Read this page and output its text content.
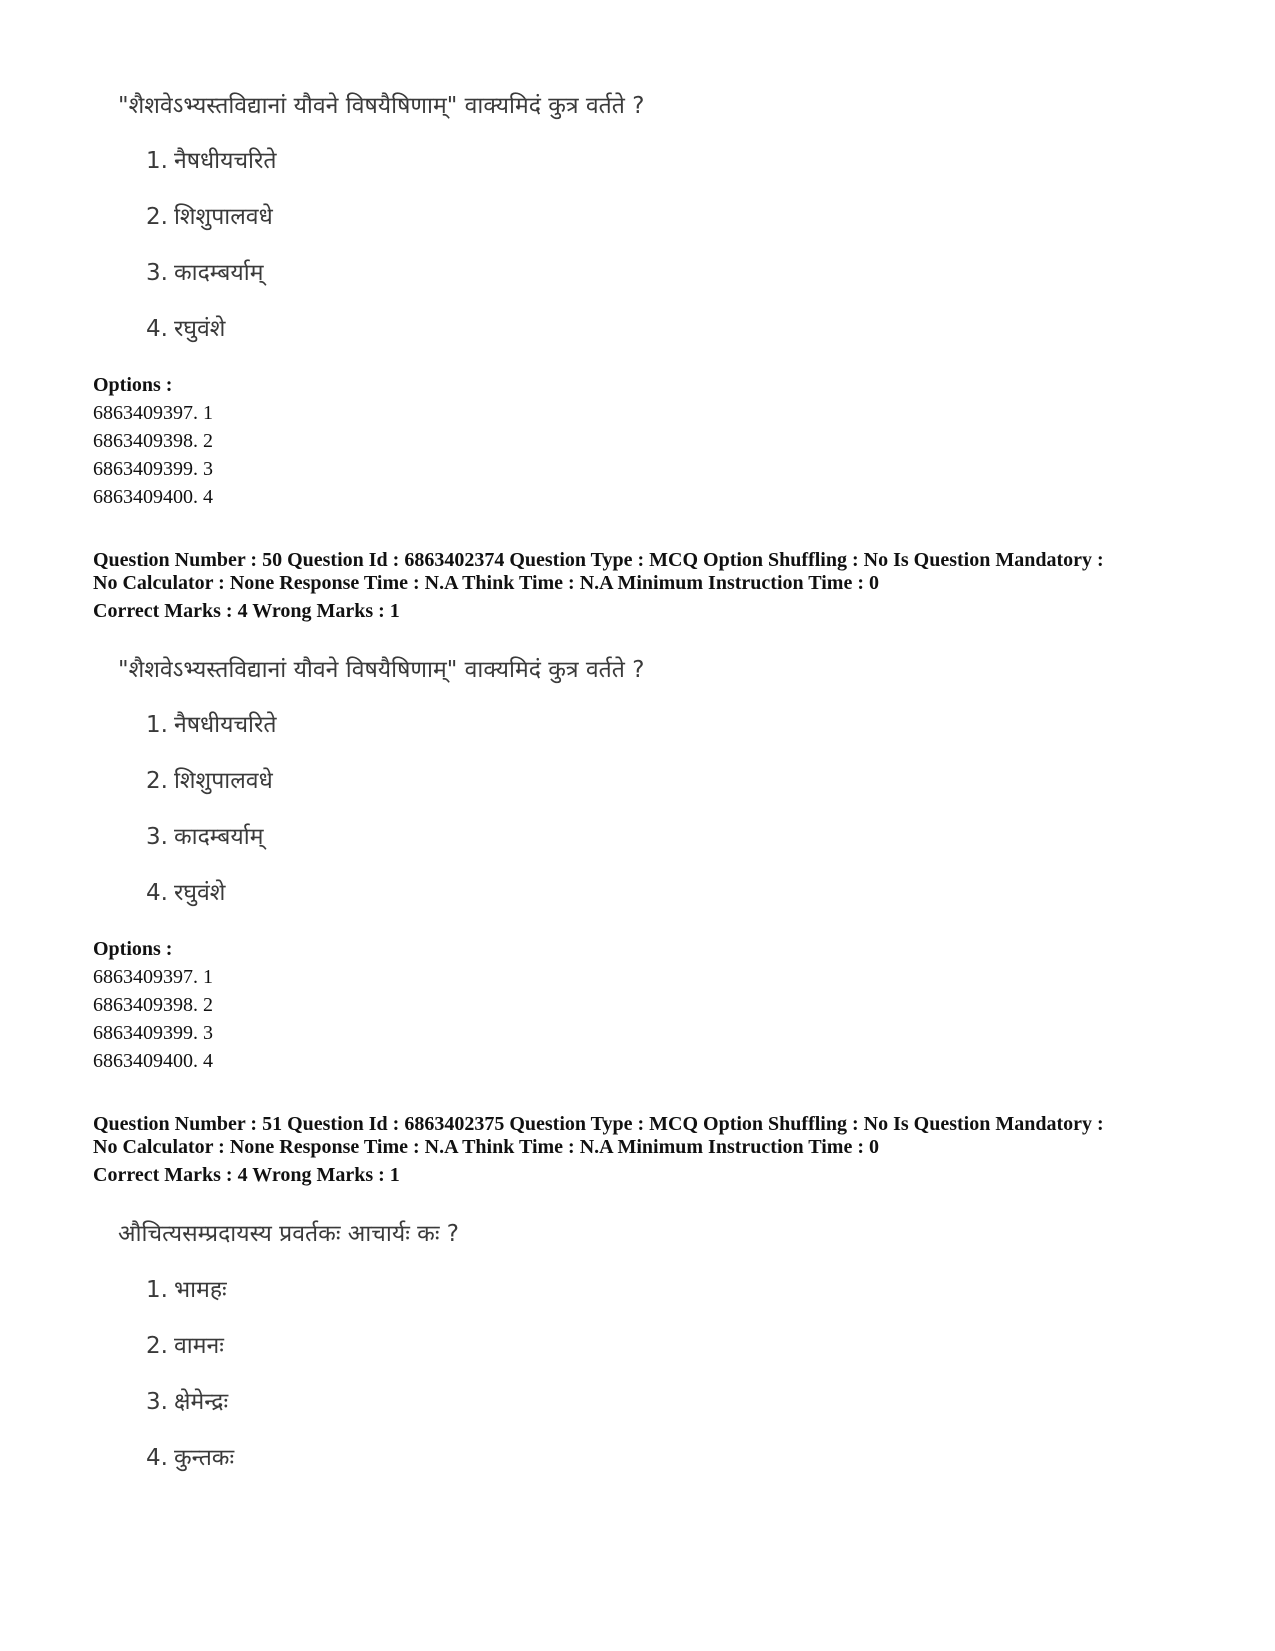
"शैशवेऽभ्यस्तविद्यानां यौवने विषयैषिणाम्" वाक्यमिदं कुत्र वर्तते ?
1. नैषधीयचरिते
2. शिशुपालवधे
3. कादम्बर्याम्
4. रघुवंशे
Options :
6863409397. 1
6863409398. 2
6863409399. 3
6863409400. 4
Question Number : 50 Question Id : 6863402374 Question Type : MCQ Option Shuffling : No Is Question Mandatory :
No Calculator : None Response Time : N.A Think Time : N.A Minimum Instruction Time : 0
Correct Marks : 4 Wrong Marks : 1
"शैशवेऽभ्यस्तविद्यानां यौवने विषयैषिणाम्" वाक्यमिदं कुत्र वर्तते ?
1. नैषधीयचरिते
2. शिशुपालवधे
3. कादम्बर्याम्
4. रघुवंशे
Options :
6863409397. 1
6863409398. 2
6863409399. 3
6863409400. 4
Question Number : 51 Question Id : 6863402375 Question Type : MCQ Option Shuffling : No Is Question Mandatory :
No Calculator : None Response Time : N.A Think Time : N.A Minimum Instruction Time : 0
Correct Marks : 4 Wrong Marks : 1
औचित्यसम्प्रदायस्य प्रवर्तकः आचार्यः कः ?
1. भामहः
2. वामनः
3. क्षेमेन्द्रः
4. कुन्तकः
